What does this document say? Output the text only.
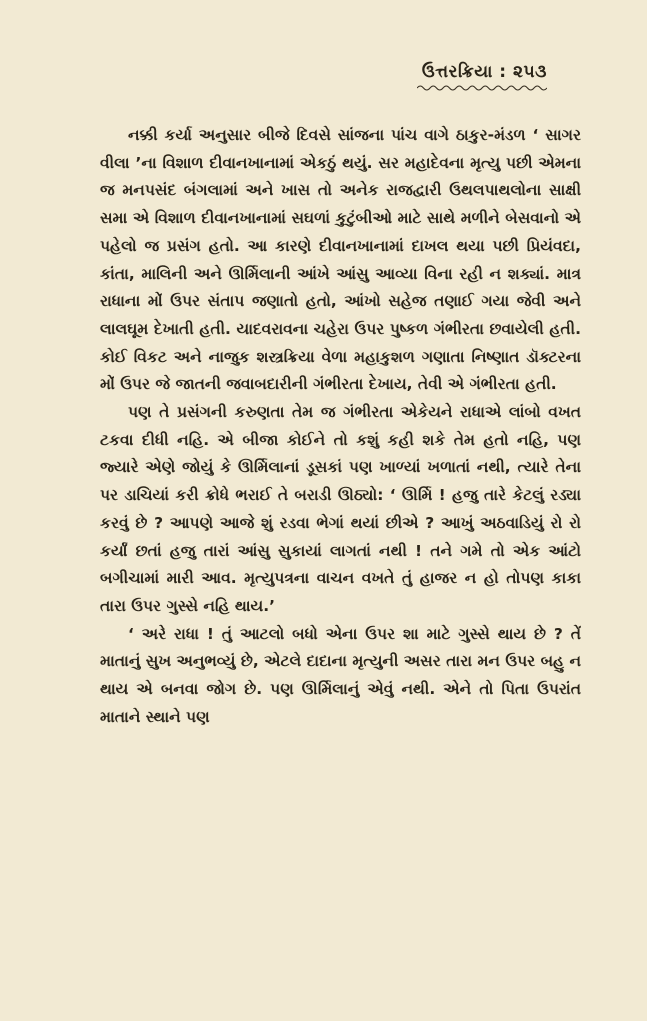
ઉત્તરક્રિયા : ૨૫૩

નક્કી કર્યા અનુસાર બીજે દિવસે સાંજના પાંચ વાગે ઠાકુર-મંડળ ‘ સાગર વીલા ’ના વિશાળ દીવાનખાનામાં એકઠું થયું. સર મહાદેવના મૃત્યુ પછી એમના જ મનપસંદ બંગલામાં અને ખાસ તો અનેક રાજદ્વારી ઉથલપાથલોના સાક્ષી સમા એ વિશાળ દીવાનખાનામાં સઘળાં કુટુંબીઓ માટે સાથે મળીને બેસવાનો એ પહેલો જ પ્રસંગ હતો. આ કારણે દીવાનખાનામાં દાખલ થયા પછી પ્રિયંવદા, કાંતા, માલિની અને ઊર્મિલાની આંખે આંસુ આવ્યા વિના રહી ન શક્યાં. માત્ર રાધાના મોં ઉપર સંતાપ જણાતો હતો, આંખો સહેજ તણાઈ ગયા જેવી અને લાલઘૂમ દેખાતી હતી. યાદવરાવના ચહેરા ઉપર પુષ્કળ ગંભીરતા છવાયેલી હતી. કોઈ વિકટ અને નાજુક શસ્ત્રક્રિયા વેળા મહાકુશળ ગણાતા નિષ્ણાત ડૉક્ટરના મોં ઉપર જે જાતની જવાબદારીની ગંભીરતા દેખાય, તેવી એ ગંભીરતા હતી.

પણ તે પ્રસંગની કરુણતા તેમ જ ગંભીરતા એકેયને રાધાએ લાંબો વખત ટકવા દીધી નહિ. એ બીજા કોઈને તો કશું કહી શકે તેમ હતો નહિ, પણ જ્યારે એણે જોયું કે ઊર્મિલાનાં ડૂસકાં પણ ખાળ્યાં ખળાતાં નથી, ત્યારે તેના પર ડાચિયાં કરી ક્રોધે ભરાઈ તે બરાડી ઊઠ્યો: ‘ ઊર્મિ ! હજુ તારે કેટલું રડ્યા કરવું છે ? આપણે આજે શું રડવા ભેગાં થયાં છીએ ? આખું અઠવાડિયું રો રો કર્યાં છતાં હજુ તારાં આંસુ સુકાયાં લાગતાં નથી ! તને ગમે તો એક આંટો બગીચામાં મારી આવ. મૃત્યુપત્રના વાચન વખતે તું હાજર ન હો તોપણ કાકા તારા ઉપર ગુસ્સે નહિ થાય.’

‘ અરે રાધા ! તું આટલો બધો એના ઉપર શા માટે ગુસ્સે થાય છે ? તેં માતાનું સુખ અનુભવ્યું છે, એટલે દાદાના મૃત્યુની અસર તારા મન ઉપર બહુ ન થાય એ બનવા જોગ છે. પણ ઊર્મિલાનું એવું નથી. એને તો પિતા ઉપરાંત માતાને સ્થાને પણ
